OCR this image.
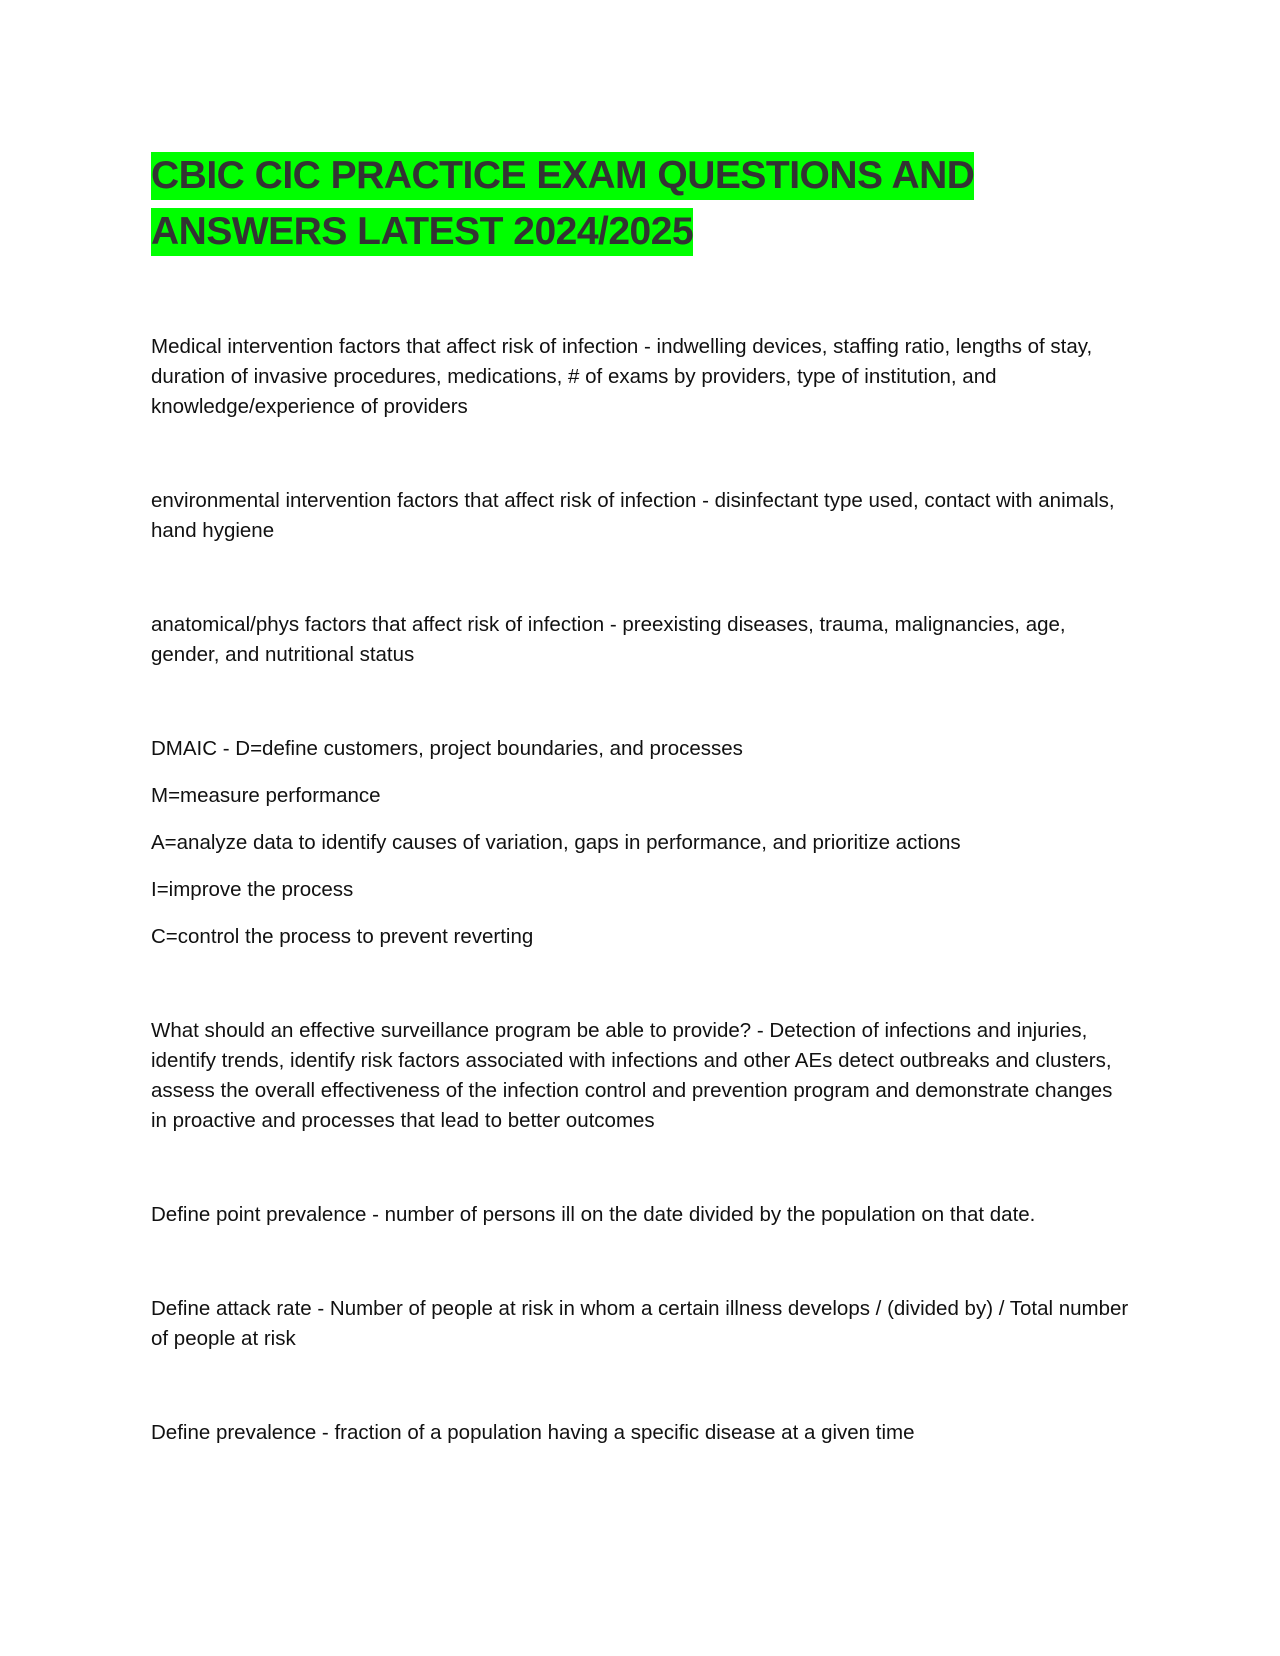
CBIC CIC PRACTICE EXAM QUESTIONS AND ANSWERS LATEST 2024/2025

Medical intervention factors that affect risk of infection - indwelling devices, staffing ratio, lengths of stay, duration of invasive procedures, medications, # of exams by providers, type of institution, and knowledge/experience of providers

environmental intervention factors that affect risk of infection - disinfectant type used, contact with animals, hand hygiene

anatomical/phys factors that affect risk of infection - preexisting diseases, trauma, malignancies, age, gender, and nutritional status

DMAIC - D=define customers, project boundaries, and processes

M=measure performance

A=analyze data to identify causes of variation, gaps in performance, and prioritize actions

I=improve the process

C=control the process to prevent reverting

What should an effective surveillance program be able to provide? - Detection of infections and injuries, identify trends, identify risk factors associated with infections and other AEs detect outbreaks and clusters, assess the overall effectiveness of the infection control and prevention program and demonstrate changes in proactive and processes that lead to better outcomes

Define point prevalence - number of persons ill on the date divided by the population on that date.

Define attack rate - Number of people at risk in whom a certain illness develops / (divided by) / Total number of people at risk

Define prevalence - fraction of a population having a specific disease at a given time
